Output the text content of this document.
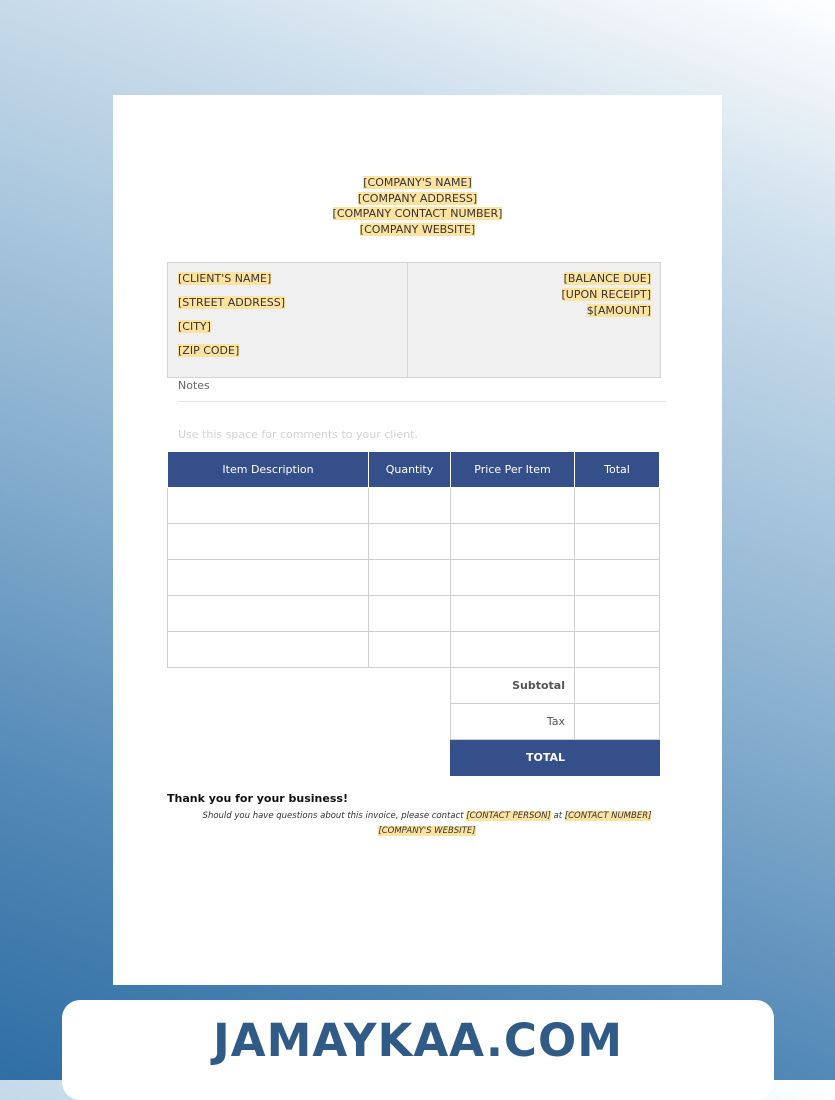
[COMPANY'S NAME]
[COMPANY ADDRESS]
[COMPANY CONTACT NUMBER]
[COMPANY WEBSITE]
[CLIENT'S NAME]
[STREET ADDRESS]
[CITY]
[ZIP CODE]
[BALANCE DUE]
[UPON RECEIPT]
$[AMOUNT]
Notes
Use this space for comments to your client.
Item Description	Quantity	Price Per Item	Total

		Subtotal	
		Tax	
		TOTAL	
Thank you for your business!
Should you have questions about this invoice, please contact [CONTACT PERSON] at [CONTACT NUMBER]
[COMPANY'S WEBSITE]
JAMAYKAA.COM
